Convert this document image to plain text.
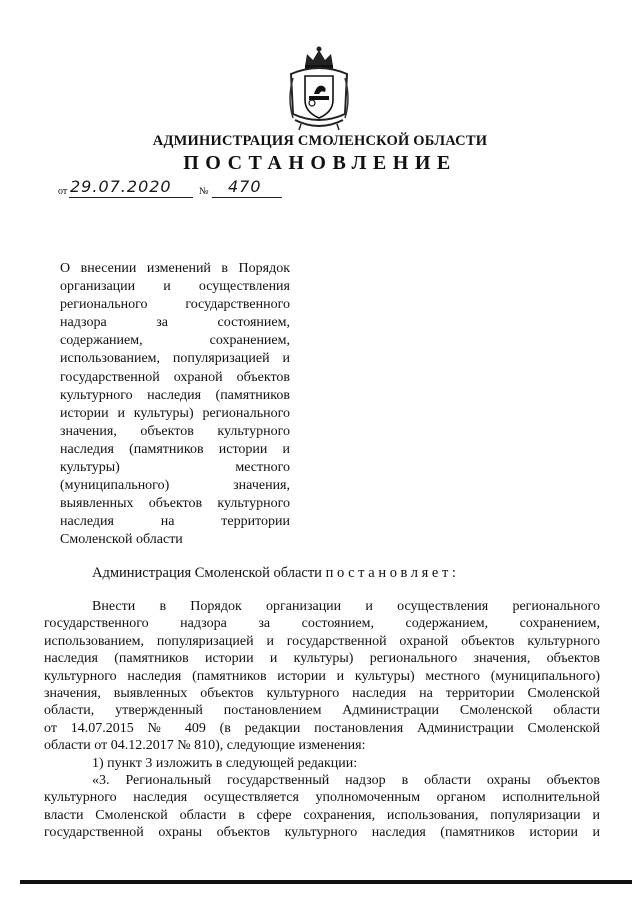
АДМИНИСТРАЦИЯ СМОЛЕНСКОЙ ОБЛАСТИ
ПОСТАНОВЛЕНИЕ
от 29.07.2020	№ 470
О внесении изменений в Порядок
организации и осуществления
регионального государственного
надзора за состоянием,
содержанием, сохранением,
использованием, популяризацией и
государственной охраной объектов
культурного наследия (памятников
истории и культуры) регионального
значения, объектов культурного
наследия (памятников истории и
культуры) местного
(муниципального) значения,
выявленных объектов культурного
наследия на территории
Смоленской области
Администрация Смоленской области постановляет:
Внести в Порядок организации и осуществления регионального
государственного надзора за состоянием, содержанием, сохранением,
использованием, популяризацией и государственной охраной объектов культурного
наследия (памятников истории и культуры) регионального значения, объектов
культурного наследия (памятников истории и культуры) местного (муниципального)
значения, выявленных объектов культурного наследия на территории Смоленской
области, утвержденный постановлением Администрации Смоленской области
от 14.07.2015 № 409 (в редакции постановления Администрации Смоленской
области от 04.12.2017 № 810), следующие изменения:
1) пункт 3 изложить в следующей редакции:
«3. Региональный государственный надзор в области охраны объектов
культурного наследия осуществляется уполномоченным органом исполнительной
власти Смоленской области в сфере сохранения, использования, популяризации и
государственной охраны объектов культурного наследия (памятников истории и
